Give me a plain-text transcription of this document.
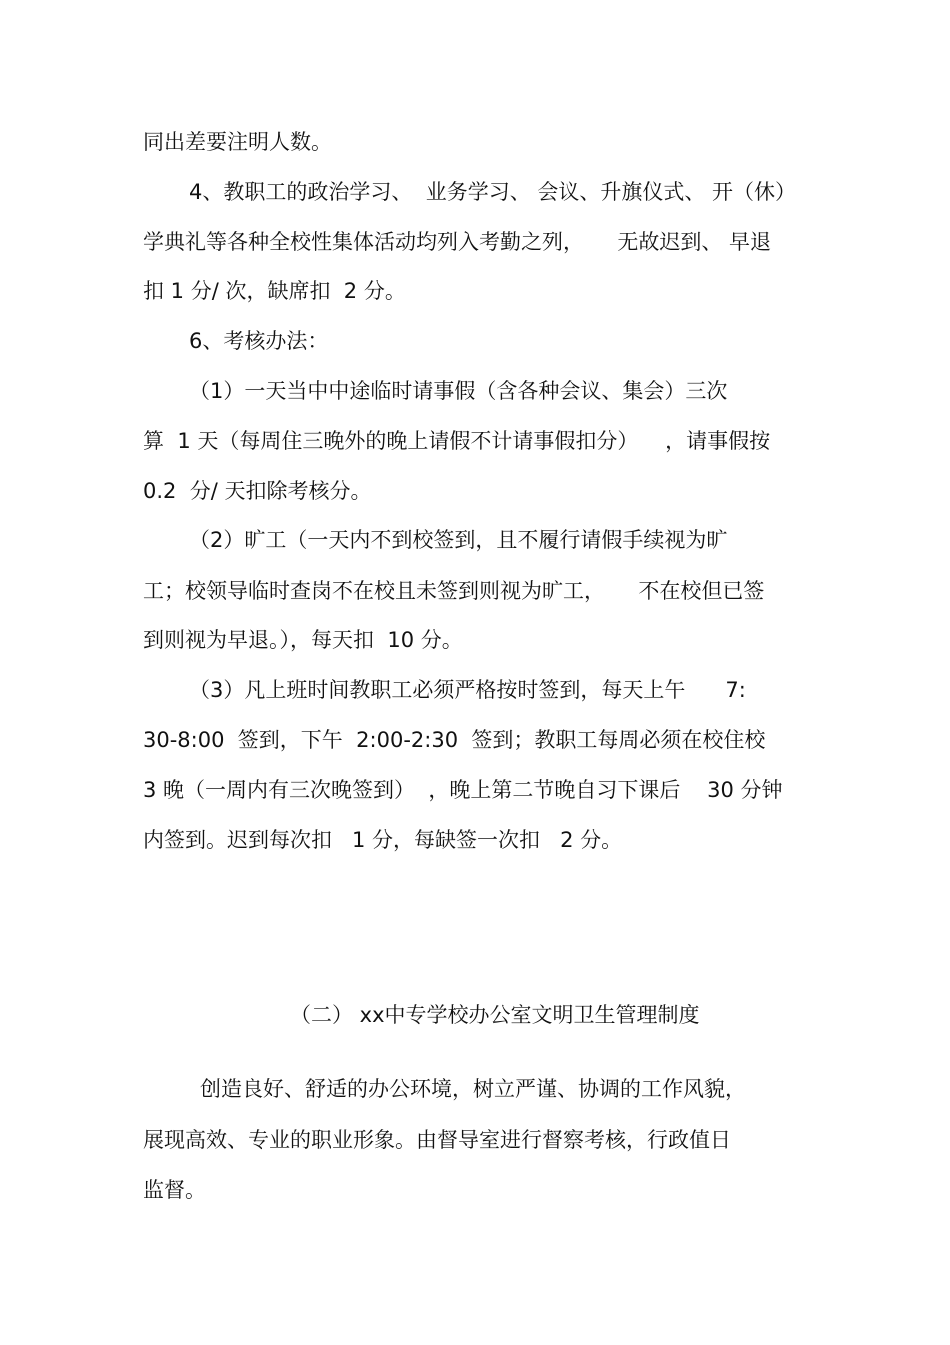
同出差要注明人数。
4、教职工的政治学习、  业务学习、 会议、升旗仪式、 开（休）
学典礼等各种全校性集体活动均列入考勤之列，     无故迟到、 早退
扣 1 分/ 次，缺席扣  2 分。
6、考核办法：
（1）一天当中中途临时请事假（含各种会议、集会）三次
算  1 天（每周住三晚外的晚上请假不计请事假扣分）    ，请事假按
0.2  分/ 天扣除考核分。
（2）旷工（一天内不到校签到，且不履行请假手续视为旷
工；校领导临时查岗不在校且未签到则视为旷工，     不在校但已签
到则视为早退。），每天扣  10 分。
（3）凡上班时间教职工必须严格按时签到，每天上午      7:
30-8:00  签到，下午  2:00-2:30  签到；教职工每周必须在校住校
3 晚（一周内有三次晚签到）  ，晚上第二节晚自习下课后    30 分钟
内签到。迟到每次扣   1 分，每缺签一次扣   2 分。
（二） xx中专学校办公室文明卫生管理制度
创造良好、舒适的办公环境，树立严谨、协调的工作风貌，
展现高效、专业的职业形象。由督导室进行督察考核，行政值日
监督。
